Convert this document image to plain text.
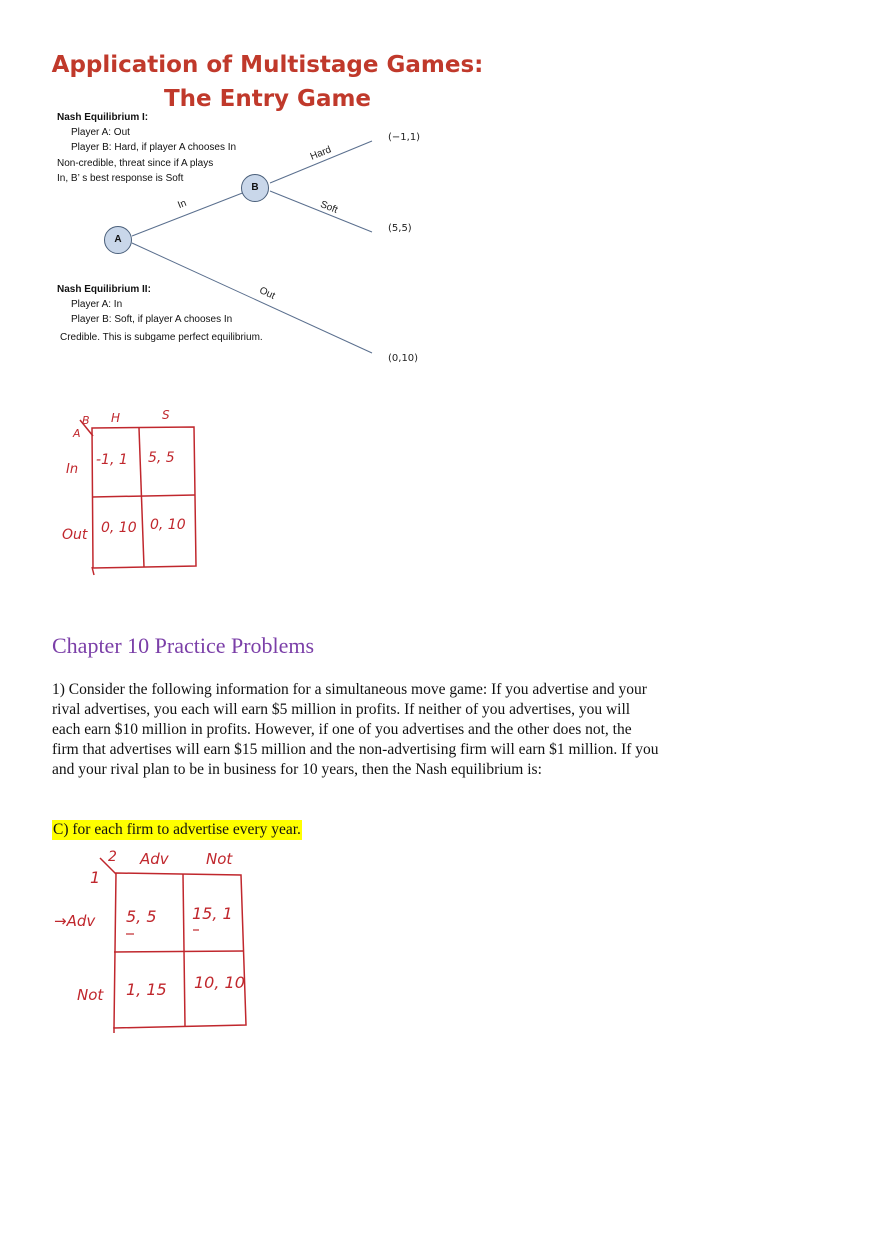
Application of Multistage Games:
The Entry Game
Nash Equilibrium I:
Player A: Out
Player B: Hard, if player A chooses In
Non-credible, threat since if A plays
In, B’ s best response is Soft
Nash Equilibrium II:
Player A: In
Player B: Soft, if player A chooses In
Credible. This is subgame perfect equilibrium.
A
B
In
Out
Hard
Soft
(−1,1)
(5,5)
(0,10)
B
A
H	S
In
Out
-1, 1 5, 5
0, 10 0, 10
Chapter 10 Practice Problems
1) Consider the following information for a simultaneous move game: If you advertise and your rival advertises, you each will earn $5 million in profits. If neither of you advertises, you will each earn $10 million in profits. However, if one of you advertises and the other does not, the firm that advertises will earn $15 million and the non-advertising firm will earn $1 million. If you and your rival plan to be in business for 10 years, then the Nash equilibrium is:
C) for each firm to advertise every year.
2
1
Adv Not
→Adv
Not
5, 5 15, 1
1, 15 10, 10
